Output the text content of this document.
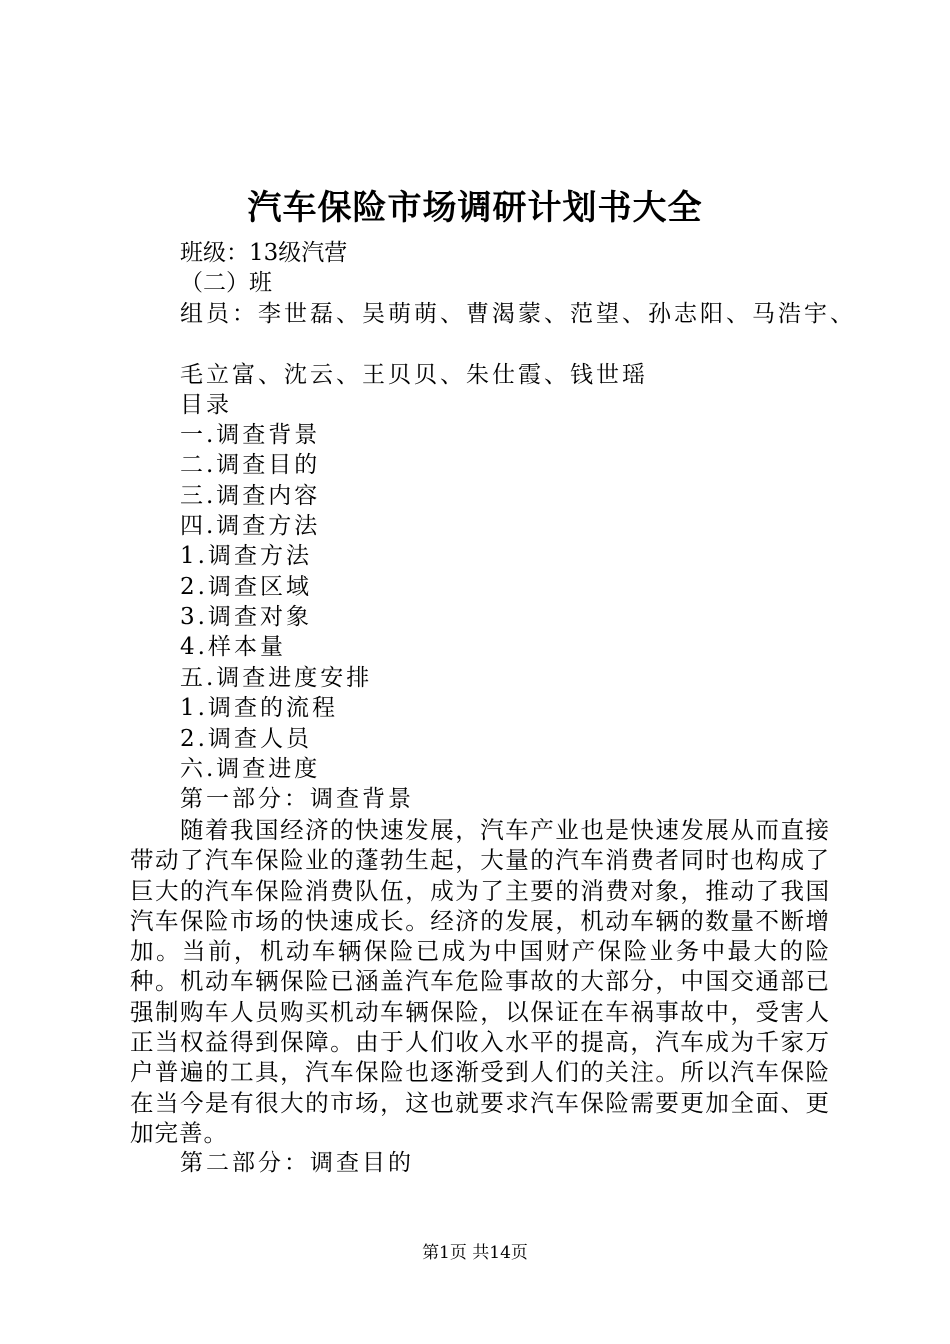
汽车保险市场调研计划书大全
班级：13级汽营
（二）班
组员：李世磊、吴萌萌、曹渴蒙、范望、孙志阳、马浩宇、
毛立富、沈云、王贝贝、朱仕霞、钱世瑶
目录
一.调查背景
二.调查目的
三.调查内容
四.调查方法
1.调查方法
2.调查区域
3.调查对象
4.样本量
五.调查进度安排
1.调查的流程
2.调查人员
六.调查进度
第一部分：调查背景
随着我国经济的快速发展，汽车产业也是快速发展从而直接带动了汽车保险业的蓬勃生起，大量的汽车消费者同时也构成了巨大的汽车保险消费队伍，成为了主要的消费对象，推动了我国汽车保险市场的快速成长。经济的发展，机动车辆的数量不断增加。当前，机动车辆保险已成为中国财产保险业务中最大的险种。机动车辆保险已涵盖汽车危险事故的大部分，中国交通部已强制购车人员购买机动车辆保险，以保证在车祸事故中，受害人正当权益得到保障。由于人们收入水平的提高，汽车成为千家万户普遍的工具，汽车保险也逐渐受到人们的关注。所以汽车保险在当今是有很大的市场，这也就要求汽车保险需要更加全面、更加完善。
第二部分：调查目的
第1页 共14页
